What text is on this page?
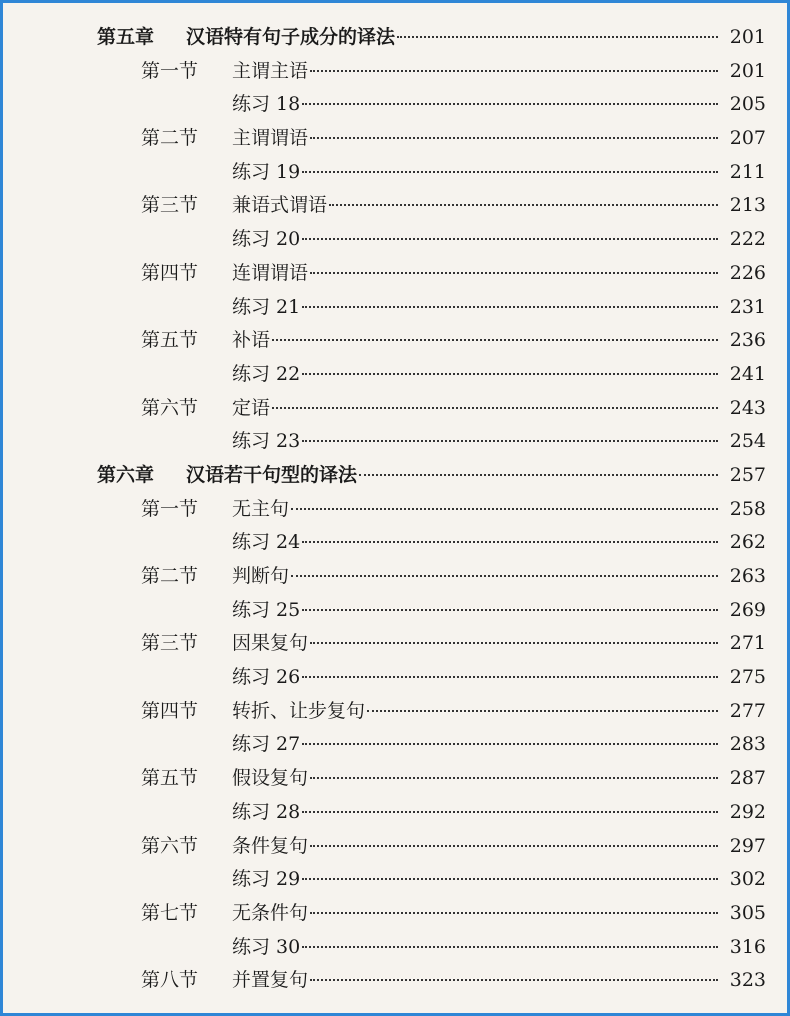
第五章 汉语特有句子成分的译法	201
第一节 主谓主语	201
练习 18	205
第二节 主谓谓语	207
练习 19	211
第三节 兼语式谓语	213
练习 20	222
第四节 连谓谓语	226
练习 21	231
第五节 补语	236
练习 22	241
第六节 定语	243
练习 23	254
第六章 汉语若干句型的译法	257
第一节 无主句	258
练习 24	262
第二节 判断句	263
练习 25	269
第三节 因果复句	271
练习 26	275
第四节 转折、让步复句	277
练习 27	283
第五节 假设复句	287
练习 28	292
第六节 条件复句	297
练习 29	302
第七节 无条件句	305
练习 30	316
第八节 并置复句	323
